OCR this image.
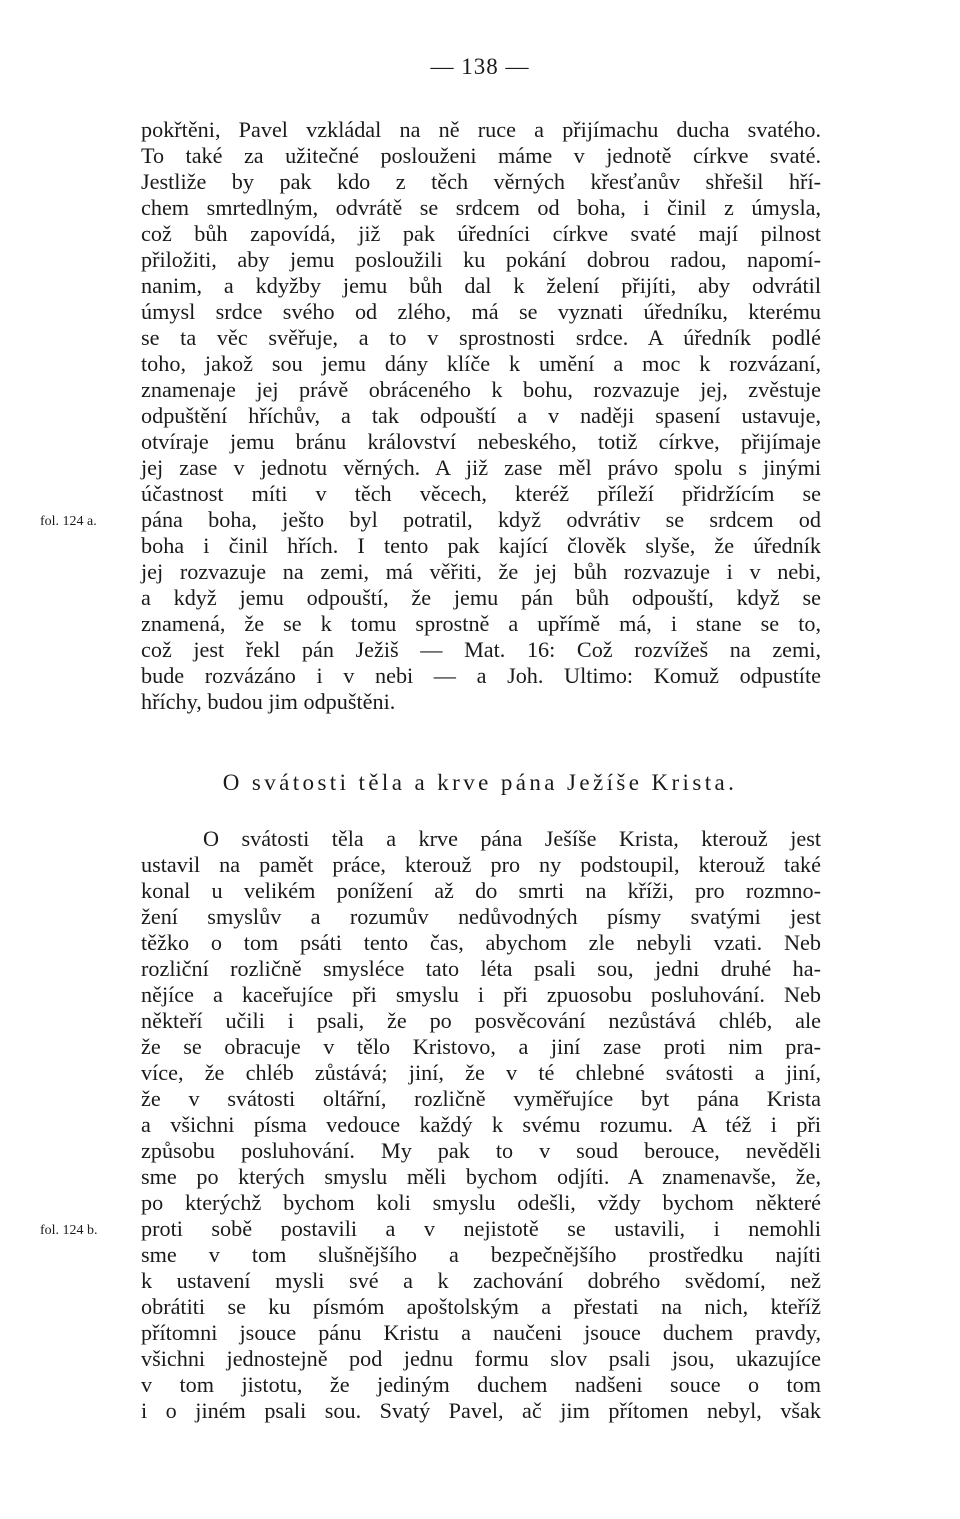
— 138 —
pokřtěni, Pavel vzkládal na ně ruce a přijímachu ducha svatého.
To také za užitečné poslouženi máme v jednotě církve svaté.
Jestliže by pak kdo z těch věrných křesťanův shřešil hří-
chem smrtedlným, odvrátě se srdcem od boha, i činil z úmysla,
což bůh zapovídá, již pak úředníci církve svaté mají pilnost
přiložiti, aby jemu posloužili ku pokání dobrou radou, napomí-
nanim, a kdyžby jemu bůh dal k želení přijíti, aby odvrátil
úmysl srdce svého od zlého, má se vyznati úředníku, kterému
se ta věc svěřuje, a to v sprostnosti srdce. A úředník podlé
toho, jakož sou jemu dány klíče k umění a moc k rozvázaní,
znamenaje jej právě obráceného k bohu, rozvazuje jej, zvěstuje
odpuštění hříchův, a tak odpouští a v naději spasení ustavuje,
otvíraje jemu bránu království nebeského, totiž církve, přijímaje
jej zase v jednotu věrných. A již zase měl právo spolu s jinými
účastnost míti v těch věcech, kteréž příleží přidržícím se
pána boha, ješto byl potratil, když odvrátiv se srdcem od
boha i činil hřích. I tento pak kající člověk slyše, že úředník
jej rozvazuje na zemi, má věřiti, že jej bůh rozvazuje i v nebi,
a když jemu odpouští, že jemu pán bůh odpouští, když se
znamená, že se k tomu sprostně a upřímě má, i stane se to,
což jest řekl pán Ježiš — Mat. 16: Což rozvížeš na zemi,
bude rozvázáno i v nebi — a Joh. Ultimo: Komuž odpustíte
hříchy, budou jim odpuštěni.
fol. 124 a.
O svátosti těla a krve pána Ježíše Krista.
O svátosti těla a krve pána Ješíše Krista, kterouž jest
ustavil na pamět práce, kterouž pro ny podstoupil, kterouž také
konal u velikém ponížení až do smrti na kříži, pro rozmno-
žení smyslův a rozumův nedůvodných písmy svatými jest
těžko o tom psáti tento čas, abychom zle nebyli vzati. Neb
rozliční rozličně smysléce tato léta psali sou, jedni druhé ha-
nějíce a kaceřujíce při smyslu i při zpuosobu posluhování. Neb
někteří učili i psali, že po posvěcování nezůstává chléb, ale
že se obracuje v tělo Kristovo, a jiní zase proti nim pra-
více, že chléb zůstává; jiní, že v té chlebné svátosti a jiní,
že v svátosti oltářní, rozličně vyměřujíce byt pána Krista
a všichni písma vedouce každý k svému rozumu. A též i při
způsobu posluhování. My pak to v soud berouce, nevěděli
sme po kterých smyslu měli bychom odjíti. A znamenavše, že,
po kterýchž bychom koli smyslu odešli, vždy bychom některé
proti sobě postavili a v nejistotě se ustavili, i nemohli
sme v tom slušnějšího a bezpečnějšího prostředku najíti
k ustavení mysli své a k zachování dobrého svědomí, než
obrátiti se ku písmóm apoštolským a přestati na nich, kteříž
přítomni jsouce pánu Kristu a naučeni jsouce duchem pravdy,
všichni jednostejně pod jednu formu slov psali jsou, ukazujíce
v tom jistotu, že jediným duchem nadšeni souce o tom
i o jiném psali sou. Svatý Pavel, ač jim přítomen nebyl, však
fol. 124 b.
